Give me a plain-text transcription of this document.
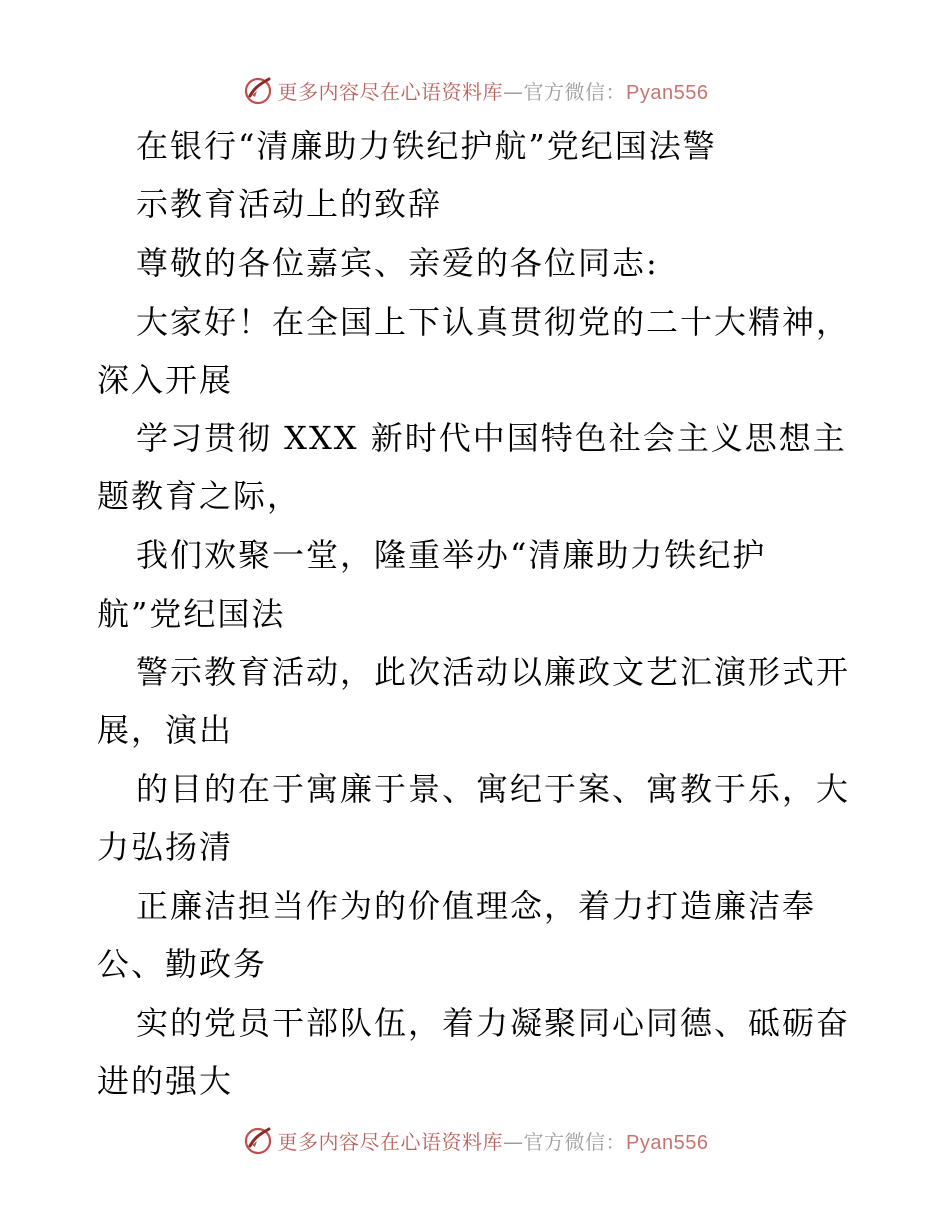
更多内容尽在心语资料库—官方微信：Pyan556
在银行“清廉助力铁纪护航”党纪国法警
示教育活动上的致辞
尊敬的各位嘉宾、亲爱的各位同志:
大家好！在全国上下认真贯彻党的二十大精神，
深入开展
学习贯彻 XXX 新时代中国特色社会主义思想主
题教育之际，
我们欢聚一堂，隆重举办“清廉助力铁纪护
航”党纪国法
警示教育活动，此次活动以廉政文艺汇演形式开
展，演出
的目的在于寓廉于景、寓纪于案、寓教于乐，大
力弘扬清
正廉洁担当作为的价值理念，着力打造廉洁奉
公、勤政务
实的党员干部队伍，着力凝聚同心同德、砥砺奋
进的强大
更多内容尽在心语资料库—官方微信：Pyan556
